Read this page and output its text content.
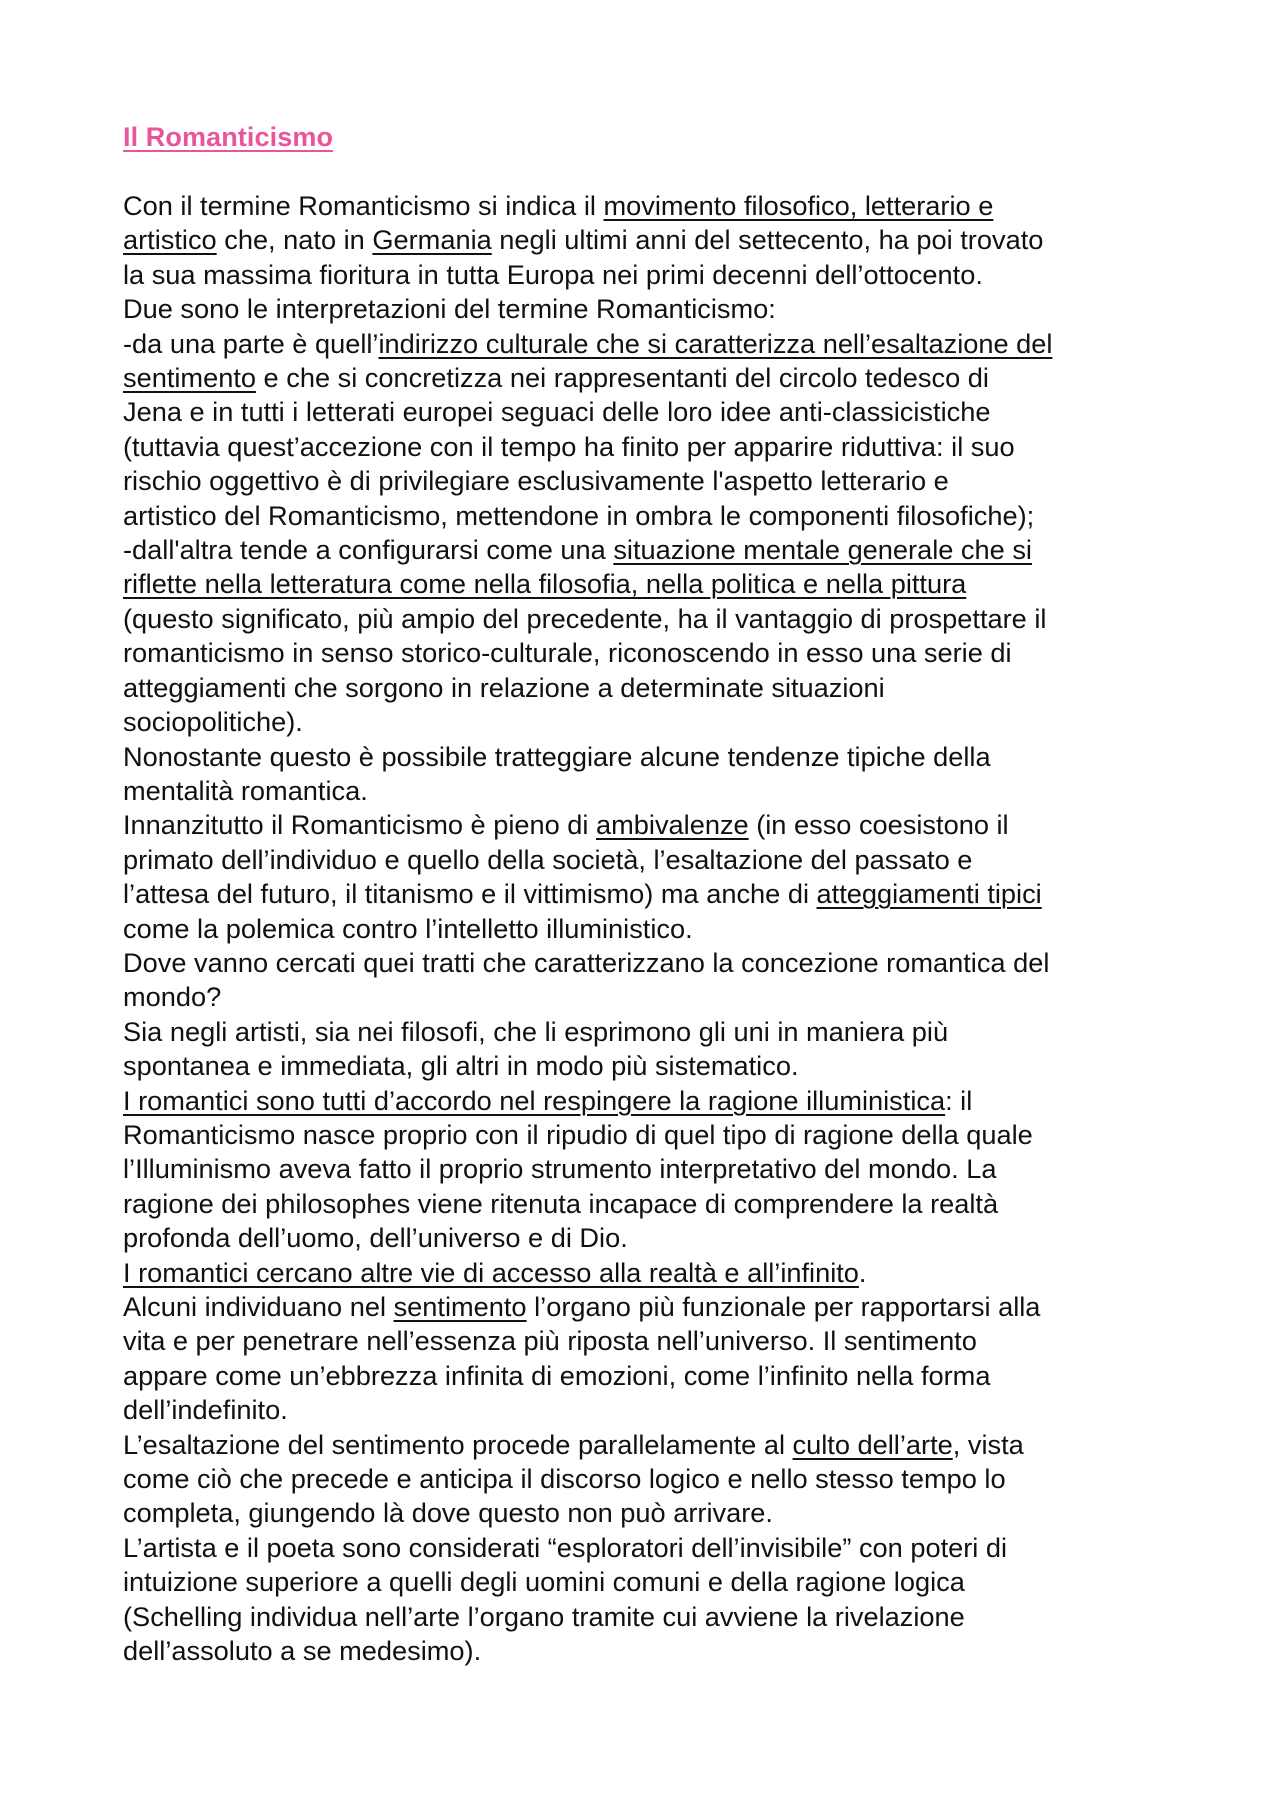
Il Romanticismo
Con il termine Romanticismo si indica il movimento filosofico, letterario e
artistico che, nato in Germania negli ultimi anni del settecento, ha poi trovato
la sua massima fioritura in tutta Europa nei primi decenni dell’ottocento.
Due sono le interpretazioni del termine Romanticismo:
-da una parte è quell’indirizzo culturale che si caratterizza nell’esaltazione del
sentimento e che si concretizza nei rappresentanti del circolo tedesco di
Jena e in tutti i letterati europei seguaci delle loro idee anti-classicistiche
(tuttavia quest’accezione con il tempo ha finito per apparire riduttiva: il suo
rischio oggettivo è di privilegiare esclusivamente l'aspetto letterario e
artistico del Romanticismo, mettendone in ombra le componenti filosofiche);
-dall'altra tende a configurarsi come una situazione mentale generale che si
riflette nella letteratura come nella filosofia, nella politica e nella pittura
(questo significato, più ampio del precedente, ha il vantaggio di prospettare il
romanticismo in senso storico-culturale, riconoscendo in esso una serie di
atteggiamenti che sorgono in relazione a determinate situazioni
sociopolitiche).
Nonostante questo è possibile tratteggiare alcune tendenze tipiche della
mentalità romantica.
Innanzitutto il Romanticismo è pieno di ambivalenze (in esso coesistono il
primato dell’individuo e quello della società, l’esaltazione del passato e
l’attesa del futuro, il titanismo e il vittimismo) ma anche di atteggiamenti tipici
come la polemica contro l’intelletto illuministico.
Dove vanno cercati quei tratti che caratterizzano la concezione romantica del
mondo?
Sia negli artisti, sia nei filosofi, che li esprimono gli uni in maniera più
spontanea e immediata, gli altri in modo più sistematico.
I romantici sono tutti d’accordo nel respingere la ragione illuministica: il
Romanticismo nasce proprio con il ripudio di quel tipo di ragione della quale
l’Illuminismo aveva fatto il proprio strumento interpretativo del mondo. La
ragione dei philosophes viene ritenuta incapace di comprendere la realtà
profonda dell’uomo, dell’universo e di Dio.
I romantici cercano altre vie di accesso alla realtà e all’infinito.
Alcuni individuano nel sentimento l’organo più funzionale per rapportarsi alla
vita e per penetrare nell’essenza più riposta nell’universo. Il sentimento
appare come un’ebbrezza infinita di emozioni, come l’infinito nella forma
dell’indefinito.
L’esaltazione del sentimento procede parallelamente al culto dell’arte, vista
come ciò che precede e anticipa il discorso logico e nello stesso tempo lo
completa, giungendo là dove questo non può arrivare.
L’artista e il poeta sono considerati “esploratori dell’invisibile” con poteri di
intuizione superiore a quelli degli uomini comuni e della ragione logica
(Schelling individua nell’arte l’organo tramite cui avviene la rivelazione
dell’assoluto a se medesimo).
